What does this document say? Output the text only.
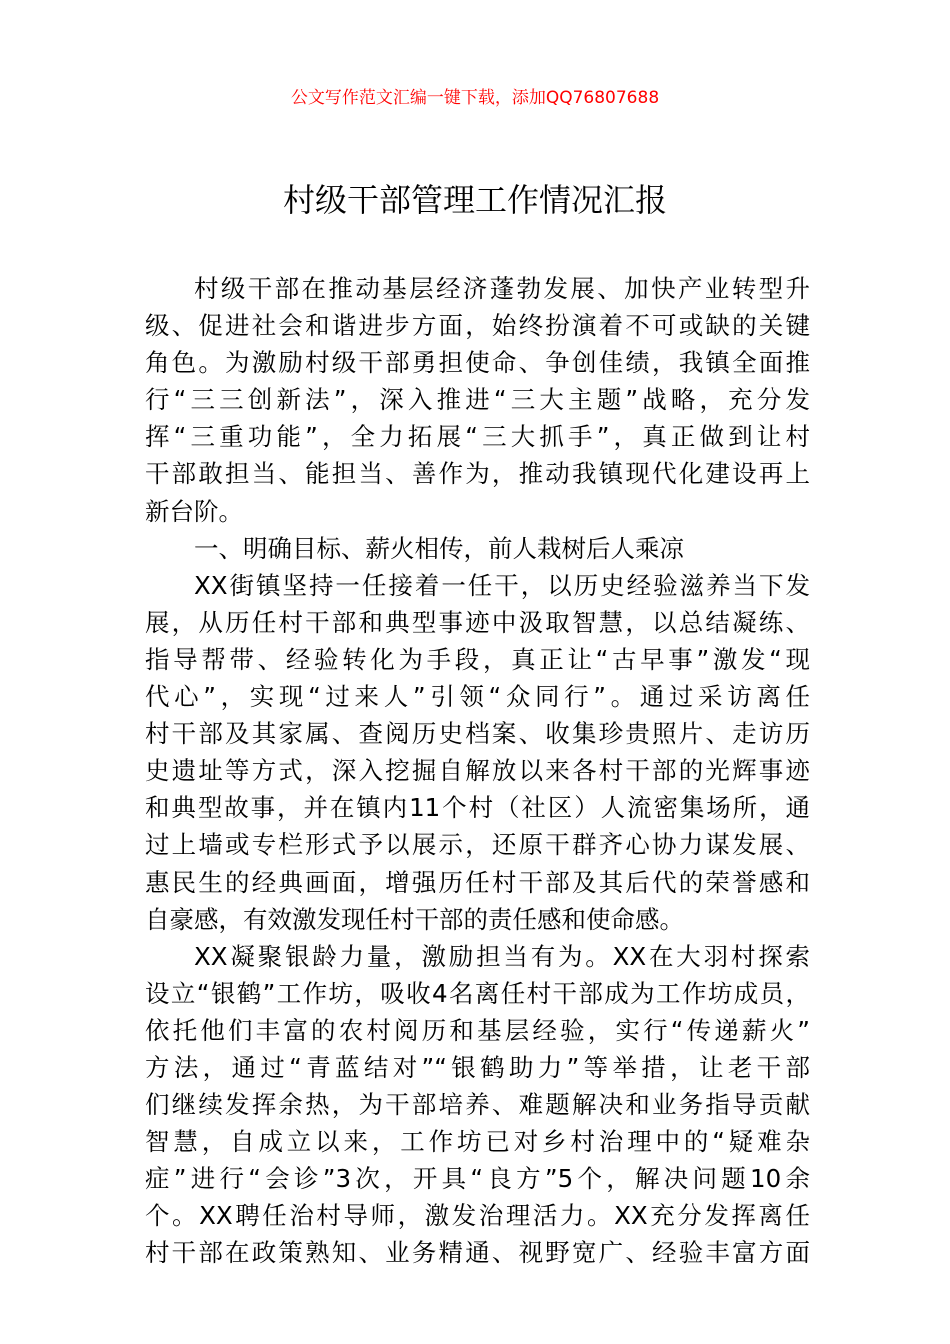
公文写作范文汇编一键下载，添加QQ76807688
村级干部管理工作情况汇报
村级干部在推动基层经济蓬勃发展、加快产业转型升
级、促进社会和谐进步方面，始终扮演着不可或缺的关键
角色。为激励村级干部勇担使命、争创佳绩，我镇全面推
行“三三创新法”，深入推进“三大主题”战略，充分发
挥“三重功能”，全力拓展“三大抓手”，真正做到让村
干部敢担当、能担当、善作为，推动我镇现代化建设再上
新台阶。
一、明确目标、薪火相传，前人栽树后人乘凉
XX街镇坚持一任接着一任干，以历史经验滋养当下发
展，从历任村干部和典型事迹中汲取智慧，以总结凝练、
指导帮带、经验转化为手段，真正让“古早事”激发“现
代心”，实现“过来人”引领“众同行”。通过采访离任
村干部及其家属、查阅历史档案、收集珍贵照片、走访历
史遗址等方式，深入挖掘自解放以来各村干部的光辉事迹
和典型故事，并在镇内11个村（社区）人流密集场所，通
过上墙或专栏形式予以展示，还原干群齐心协力谋发展、
惠民生的经典画面，增强历任村干部及其后代的荣誉感和
自豪感，有效激发现任村干部的责任感和使命感。
XX凝聚银龄力量，激励担当有为。XX在大羽村探索
设立“银鹤”工作坊，吸收4名离任村干部成为工作坊成员，
依托他们丰富的农村阅历和基层经验，实行“传递薪火”
方法，通过“青蓝结对”“银鹤助力”等举措，让老干部
们继续发挥余热，为干部培养、难题解决和业务指导贡献
智慧，自成立以来，工作坊已对乡村治理中的“疑难杂
症”进行“会诊”3次，开具“良方”5个，解决问题10余
个。XX聘任治村导师，激发治理活力。XX充分发挥离任
村干部在政策熟知、业务精通、视野宽广、经验丰富方面
